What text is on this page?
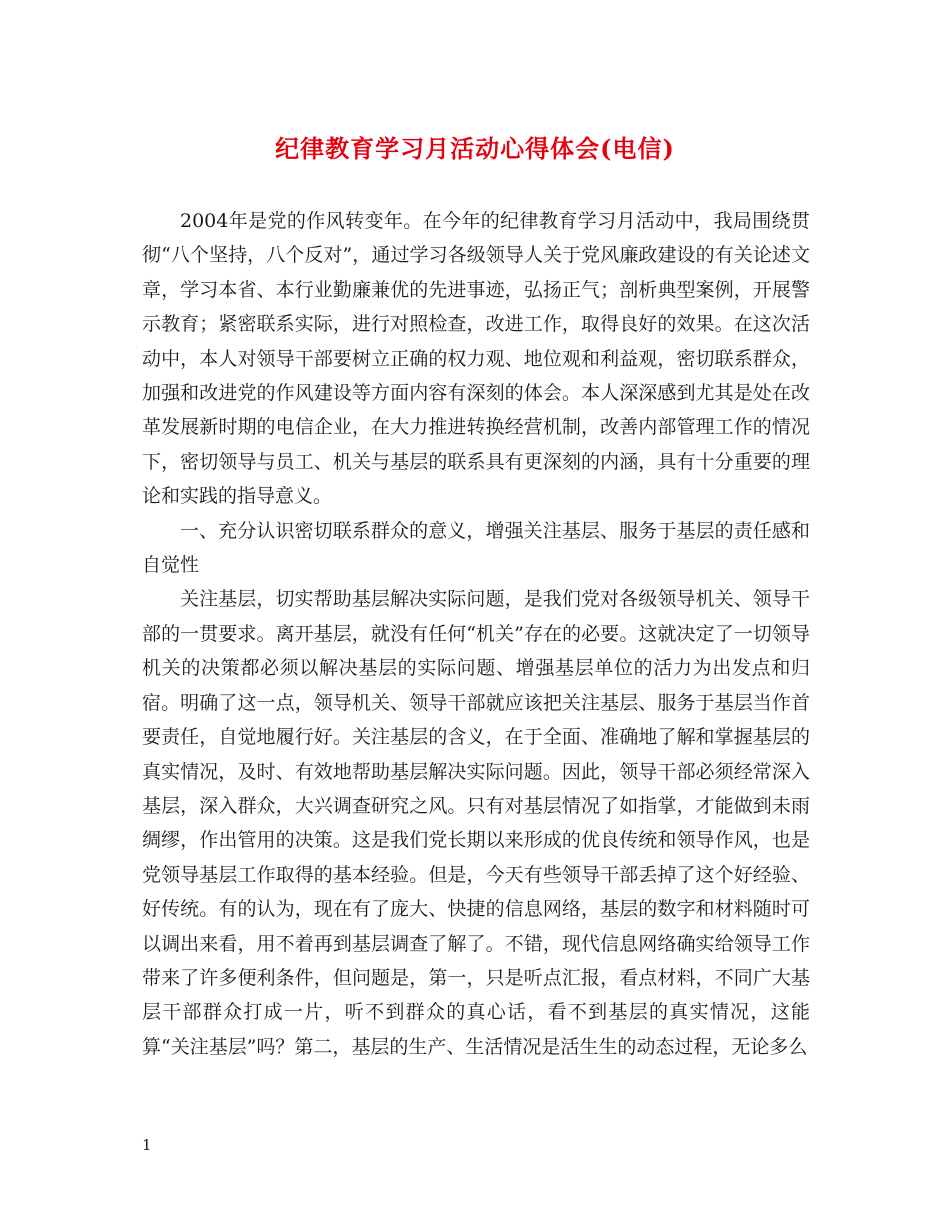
纪律教育学习月活动心得体会(电信)

2004年是党的作风转变年。在今年的纪律教育学习月活动中，我局围绕贯彻“八个坚持，八个反对”，通过学习各级领导人关于党风廉政建设的有关论述文章，学习本省、本行业勤廉兼优的先进事迹，弘扬正气；剖析典型案例，开展警示教育；紧密联系实际，进行对照检查，改进工作，取得良好的效果。在这次活动中，本人对领导干部要树立正确的权力观、地位观和利益观，密切联系群众，加强和改进党的作风建设等方面内容有深刻的体会。本人深深感到尤其是处在改革发展新时期的电信企业，在大力推进转换经营机制，改善内部管理工作的情况下，密切领导与员工、机关与基层的联系具有更深刻的内涵，具有十分重要的理论和实践的指导意义。

一、充分认识密切联系群众的意义，增强关注基层、服务于基层的责任感和自觉性

关注基层，切实帮助基层解决实际问题，是我们党对各级领导机关、领导干部的一贯要求。离开基层，就没有任何“机关”存在的必要。这就决定了一切领导机关的决策都必须以解决基层的实际问题、增强基层单位的活力为出发点和归宿。明确了这一点，领导机关、领导干部就应该把关注基层、服务于基层当作首要责任，自觉地履行好。关注基层的含义，在于全面、准确地了解和掌握基层的真实情况，及时、有效地帮助基层解决实际问题。因此，领导干部必须经常深入基层，深入群众，大兴调查研究之风。只有对基层情况了如指掌，才能做到未雨绸缪，作出管用的决策。这是我们党长期以来形成的优良传统和领导作风，也是党领导基层工作取得的基本经验。但是，今天有些领导干部丢掉了这个好经验、好传统。有的认为，现在有了庞大、快捷的信息网络，基层的数字和材料随时可以调出来看，用不着再到基层调查了解了。不错，现代信息网络确实给领导工作带来了许多便利条件，但问题是，第一，只是听点汇报，看点材料，不同广大基层干部群众打成一片，听不到群众的真心话，看不到基层的真实情况，这能算“关注基层”吗？第二，基层的生产、生活情况是活生生的动态过程，无论多么

1
